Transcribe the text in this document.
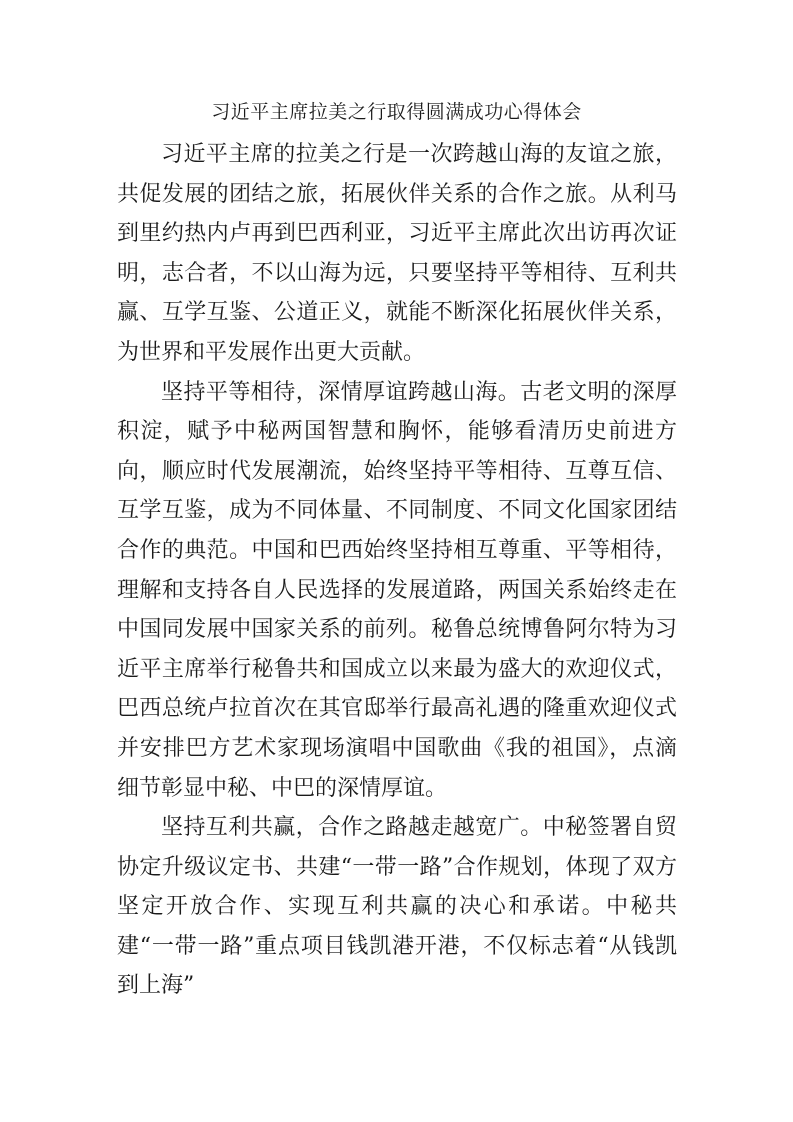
习近平主席拉美之行取得圆满成功心得体会

习近平主席的拉美之行是一次跨越山海的友谊之旅，共促发展的团结之旅，拓展伙伴关系的合作之旅。从利马到里约热内卢再到巴西利亚，习近平主席此次出访再次证明，志合者，不以山海为远，只要坚持平等相待、互利共赢、互学互鉴、公道正义，就能不断深化拓展伙伴关系，为世界和平发展作出更大贡献。

坚持平等相待，深情厚谊跨越山海。古老文明的深厚积淀，赋予中秘两国智慧和胸怀，能够看清历史前进方向，顺应时代发展潮流，始终坚持平等相待、互尊互信、互学互鉴，成为不同体量、不同制度、不同文化国家团结合作的典范。中国和巴西始终坚持相互尊重、平等相待，理解和支持各自人民选择的发展道路，两国关系始终走在中国同发展中国家关系的前列。秘鲁总统博鲁阿尔特为习近平主席举行秘鲁共和国成立以来最为盛大的欢迎仪式，巴西总统卢拉首次在其官邸举行最高礼遇的隆重欢迎仪式并安排巴方艺术家现场演唱中国歌曲《我的祖国》，点滴细节彰显中秘、中巴的深情厚谊。

坚持互利共赢，合作之路越走越宽广。中秘签署自贸协定升级议定书、共建“一带一路”合作规划，体现了双方坚定开放合作、实现互利共赢的决心和承诺。中秘共建“一带一路”重点项目钱凯港开港，不仅标志着“从钱凯到上海”
